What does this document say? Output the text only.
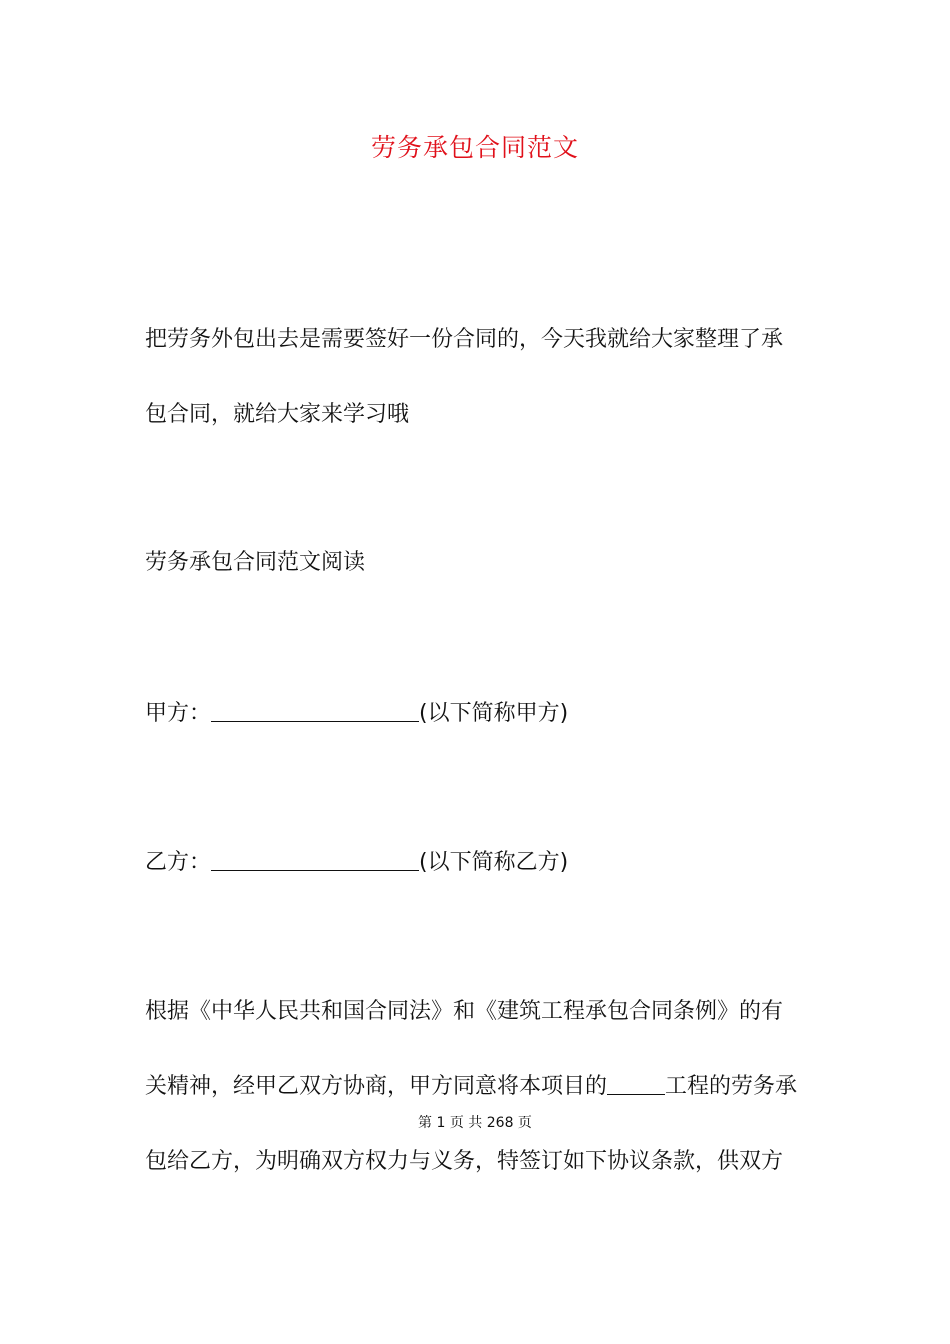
劳务承包合同范文
把劳务外包出去是需要签好一份合同的，今天我就给大家整理了承
包合同，就给大家来学习哦
劳务承包合同范文阅读
甲方：	(以下简称甲方)
乙方：	(以下简称乙方)
根据《中华人民共和国合同法》和《建筑工程承包合同条例》的有
关精神，经甲乙双方协商，甲方同意将本项目的	工程的劳务承
第 1 页 共 268 页
包给乙方，为明确双方权力与义务，特签订如下协议条款，供双方
